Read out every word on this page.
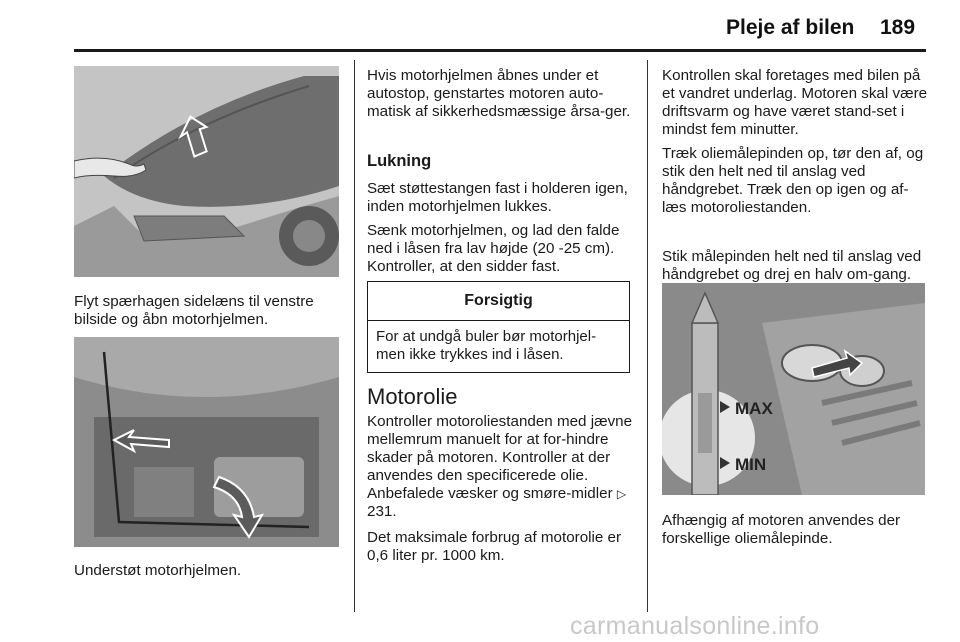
Pleje af bilen 189

Flyt spærhagen sidelæns til venstre bilside og åbn motorhjelmen.

Understøt motorhjelmen.

Hvis motorhjelmen åbnes under et autostop, genstartes motoren auto-matisk af sikkerhedsmæssige årsa-ger.

Lukning

Sæt støttestangen fast i holderen igen, inden motorhjelmen lukkes.

Sænk motorhjelmen, og lad den falde ned i låsen fra lav højde (20 -25 cm). Kontroller, at den sidder fast.

Forsigtig
For at undgå buler bør motorhjel-men ikke trykkes ind i låsen.
Motorolie

Kontroller motoroliestanden med jævne mellemrum manuelt for at for-hindre skader på motoren. Kontroller at der anvendes den specificerede olie. Anbefalede væsker og smøre-midler ▷ 231.

Det maksimale forbrug af motorolie er 0,6 liter pr. 1000 km.

Kontrollen skal foretages med bilen på et vandret underlag. Motoren skal være driftsvarm og have været stand-set i mindst fem minutter.

Træk oliemålepinden op, tør den af, og stik den helt ned til anslag ved håndgrebet. Træk den op igen og af-læs motoroliestanden.

Stik målepinden helt ned til anslag ved håndgrebet og drej en halv om-gang.

MAX
MIN

Afhængig af motoren anvendes der forskellige oliemålepinde.

carmanualsonline.info
